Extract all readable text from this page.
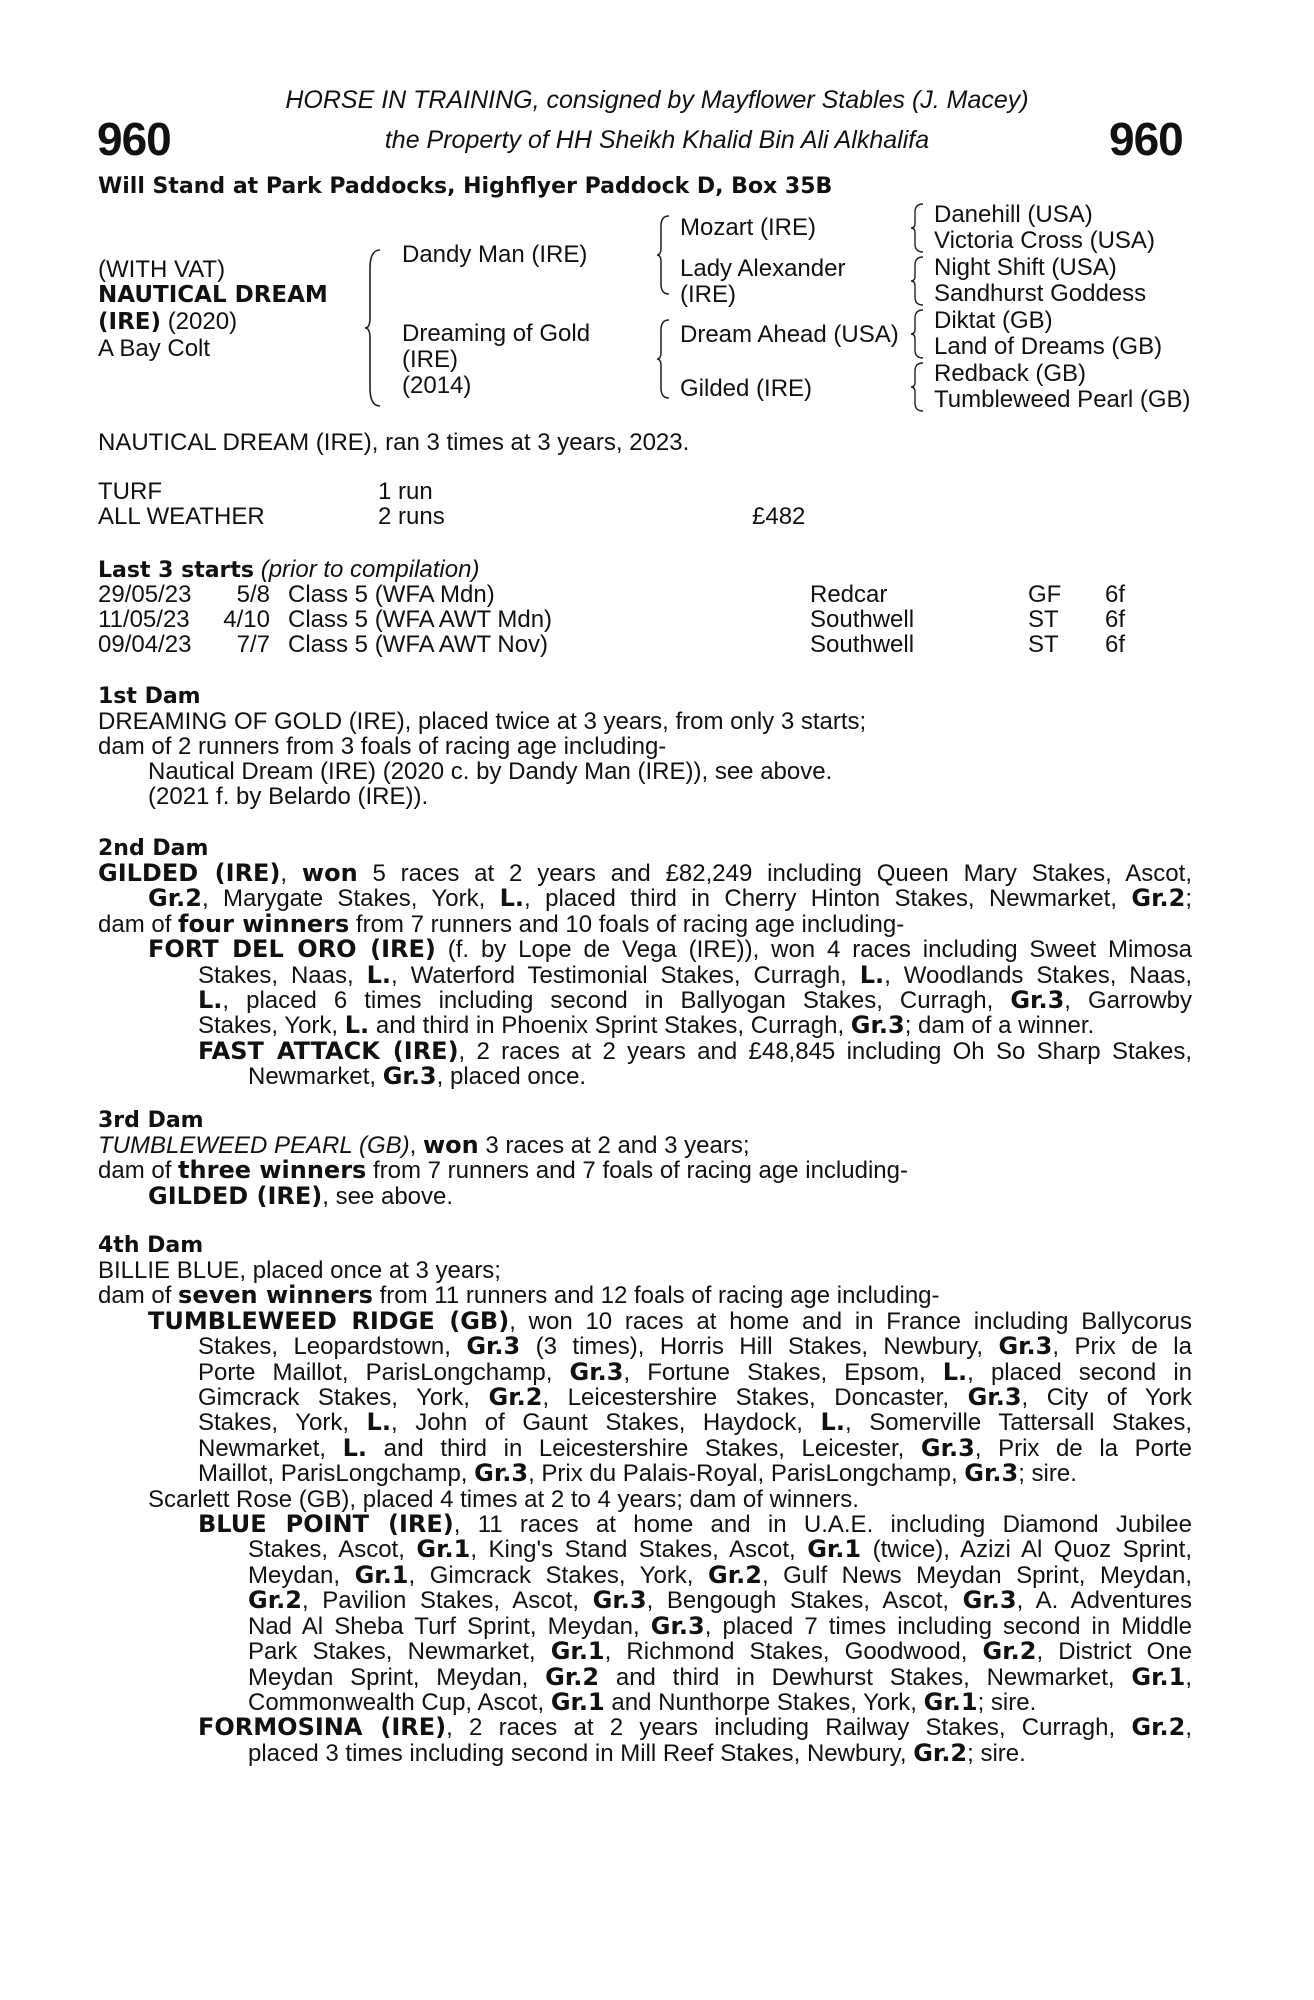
960	960
HORSE IN TRAINING, consigned by Mayflower Stables (J. Macey)
the Property of HH Sheikh Khalid Bin Ali Alkhalifa
Will Stand at Park Paddocks, Highflyer Paddock D, Box 35B
(WITH VAT)
NAUTICAL DREAM
(IRE) (2020)
A Bay Colt
Dandy Man (IRE)
Dreaming of Gold
(IRE)
(2014)
Mozart (IRE)
Lady Alexander
(IRE)
Dream Ahead (USA)
Gilded (IRE)
Danehill (USA)
Victoria Cross (USA)
Night Shift (USA)
Sandhurst Goddess
Diktat (GB)
Land of Dreams (GB)
Redback (GB)
Tumbleweed Pearl (GB)
NAUTICAL DREAM (IRE), ran 3 times at 3 years, 2023.
TURF	1 run
ALL WEATHER	2 runs	£482
Last 3 starts (prior to compilation)
29/05/23	5/8 Class 5 (WFA Mdn)	Redcar	GF 6f
11/05/23	4/10 Class 5 (WFA AWT Mdn)	Southwell	ST 6f
09/04/23	7/7 Class 5 (WFA AWT Nov)	Southwell	ST 6f
1st Dam
DREAMING OF GOLD (IRE), placed twice at 3 years, from only 3 starts;
dam of 2 runners from 3 foals of racing age including-
Nautical Dream (IRE) (2020 c. by Dandy Man (IRE)), see above.
(2021 f. by Belardo (IRE)).
2nd Dam

GILDED (IRE), won 5 races at 2 years and £82,249 including Queen Mary Stakes, Ascot,

Gr.2, Marygate Stakes, York, L., placed third in Cherry Hinton Stakes, Newmarket, Gr.2;

dam of four winners from 7 runners and 10 foals of racing age including-

FORT DEL ORO (IRE) (f. by Lope de Vega (IRE)), won 4 races including Sweet Mimosa

Stakes, Naas, L., Waterford Testimonial Stakes, Curragh, L., Woodlands Stakes, Naas,

L., placed 6 times including second in Ballyogan Stakes, Curragh, Gr.3, Garrowby

Stakes, York, L. and third in Phoenix Sprint Stakes, Curragh, Gr.3; dam of a winner.

FAST ATTACK (IRE), 2 races at 2 years and £48,845 including Oh So Sharp Stakes,

Newmarket, Gr.3, placed once.

3rd Dam

TUMBLEWEED PEARL (GB), won 3 races at 2 and 3 years;

dam of three winners from 7 runners and 7 foals of racing age including-

GILDED (IRE), see above.

4th Dam

BILLIE BLUE, placed once at 3 years;

dam of seven winners from 11 runners and 12 foals of racing age including-

TUMBLEWEED RIDGE (GB), won 10 races at home and in France including Ballycorus

Stakes, Leopardstown, Gr.3 (3 times), Horris Hill Stakes, Newbury, Gr.3, Prix de la

Porte Maillot, ParisLongchamp, Gr.3, Fortune Stakes, Epsom, L., placed second in

Gimcrack Stakes, York, Gr.2, Leicestershire Stakes, Doncaster, Gr.3, City of York

Stakes, York, L., John of Gaunt Stakes, Haydock, L., Somerville Tattersall Stakes,

Newmarket, L. and third in Leicestershire Stakes, Leicester, Gr.3, Prix de la Porte

Maillot, ParisLongchamp, Gr.3, Prix du Palais-Royal, ParisLongchamp, Gr.3; sire.

Scarlett Rose (GB), placed 4 times at 2 to 4 years; dam of winners.

BLUE POINT (IRE), 11 races at home and in U.A.E. including Diamond Jubilee

Stakes, Ascot, Gr.1, King's Stand Stakes, Ascot, Gr.1 (twice), Azizi Al Quoz Sprint,

Meydan, Gr.1, Gimcrack Stakes, York, Gr.2, Gulf News Meydan Sprint, Meydan,

Gr.2, Pavilion Stakes, Ascot, Gr.3, Bengough Stakes, Ascot, Gr.3, A. Adventures

Nad Al Sheba Turf Sprint, Meydan, Gr.3, placed 7 times including second in Middle

Park Stakes, Newmarket, Gr.1, Richmond Stakes, Goodwood, Gr.2, District One

Meydan Sprint, Meydan, Gr.2 and third in Dewhurst Stakes, Newmarket, Gr.1,

Commonwealth Cup, Ascot, Gr.1 and Nunthorpe Stakes, York, Gr.1; sire.

FORMOSINA (IRE), 2 races at 2 years including Railway Stakes, Curragh, Gr.2,

placed 3 times including second in Mill Reef Stakes, Newbury, Gr.2; sire.
